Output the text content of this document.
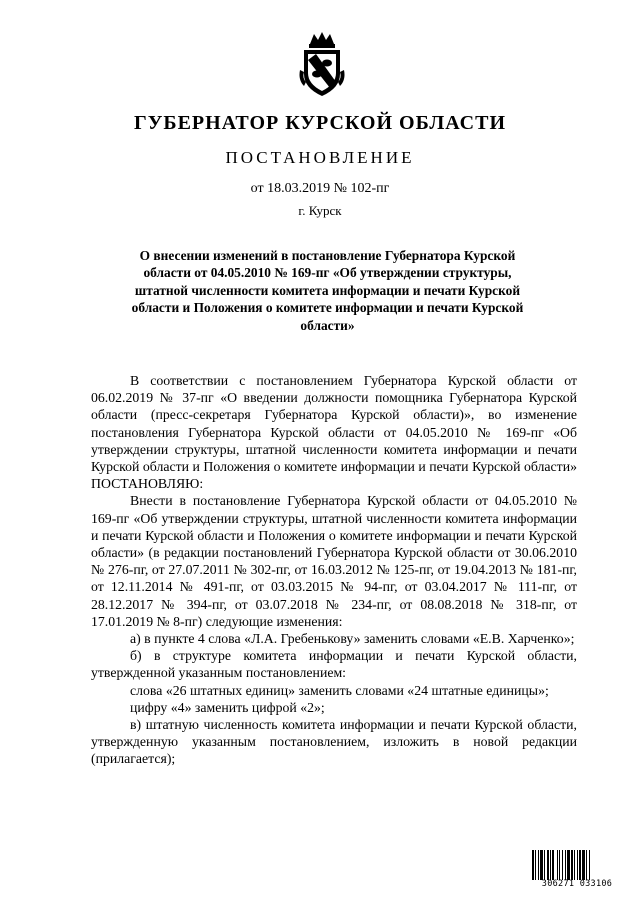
ГУБЕРНАТОР КУРСКОЙ ОБЛАСТИ
ПОСТАНОВЛЕНИЕ
от 18.03.2019 № 102-пг
г. Курск
О внесении изменений в постановление Губернатора Курской области от 04.05.2010 № 169-пг «Об утверждении структуры, штатной численности комитета информации и печати Курской области и Положения о комитете информации и печати Курской области»

В соответствии с постановлением Губернатора Курской области от 06.02.2019 № 37-пг «О введении должности помощника Губернатора Курской области (пресс-секретаря Губернатора Курской области)», во изменение постановления Губернатора Курской области от 04.05.2010 № 169-пг «Об утверждении структуры, штатной численности комитета информации и печати Курской области и Положения о комитете информации и печати Курской области» ПОСТАНОВЛЯЮ:

Внести в постановление Губернатора Курской области от 04.05.2010 № 169-пг «Об утверждении структуры, штатной численности комитета информации и печати Курской области и Положения о комитете информации и печати Курской области» (в редакции постановлений Губернатора Курской области от 30.06.2010 № 276-пг, от 27.07.2011 № 302-пг, от 16.03.2012 № 125-пг, от 19.04.2013 № 181-пг, от 12.11.2014 № 491-пг, от 03.03.2015 № 94-пг, от 03.04.2017 № 111-пг, от 28.12.2017 № 394-пг, от 03.07.2018 № 234-пг, от 08.08.2018 № 318-пг, от 17.01.2019 № 8-пг) следующие изменения:

а) в пункте 4 слова «Л.А. Гребенькову» заменить словами «Е.В. Харченко»;

б) в структуре комитета информации и печати Курской области, утвержденной указанным постановлением:

слова «26 штатных единиц» заменить словами «24 штатные единицы»;

цифру «4» заменить цифрой «2»;

в) штатную численность комитета информации и печати Курской области, утвержденную указанным постановлением, изложить в новой редакции (прилагается);

306271 033106
